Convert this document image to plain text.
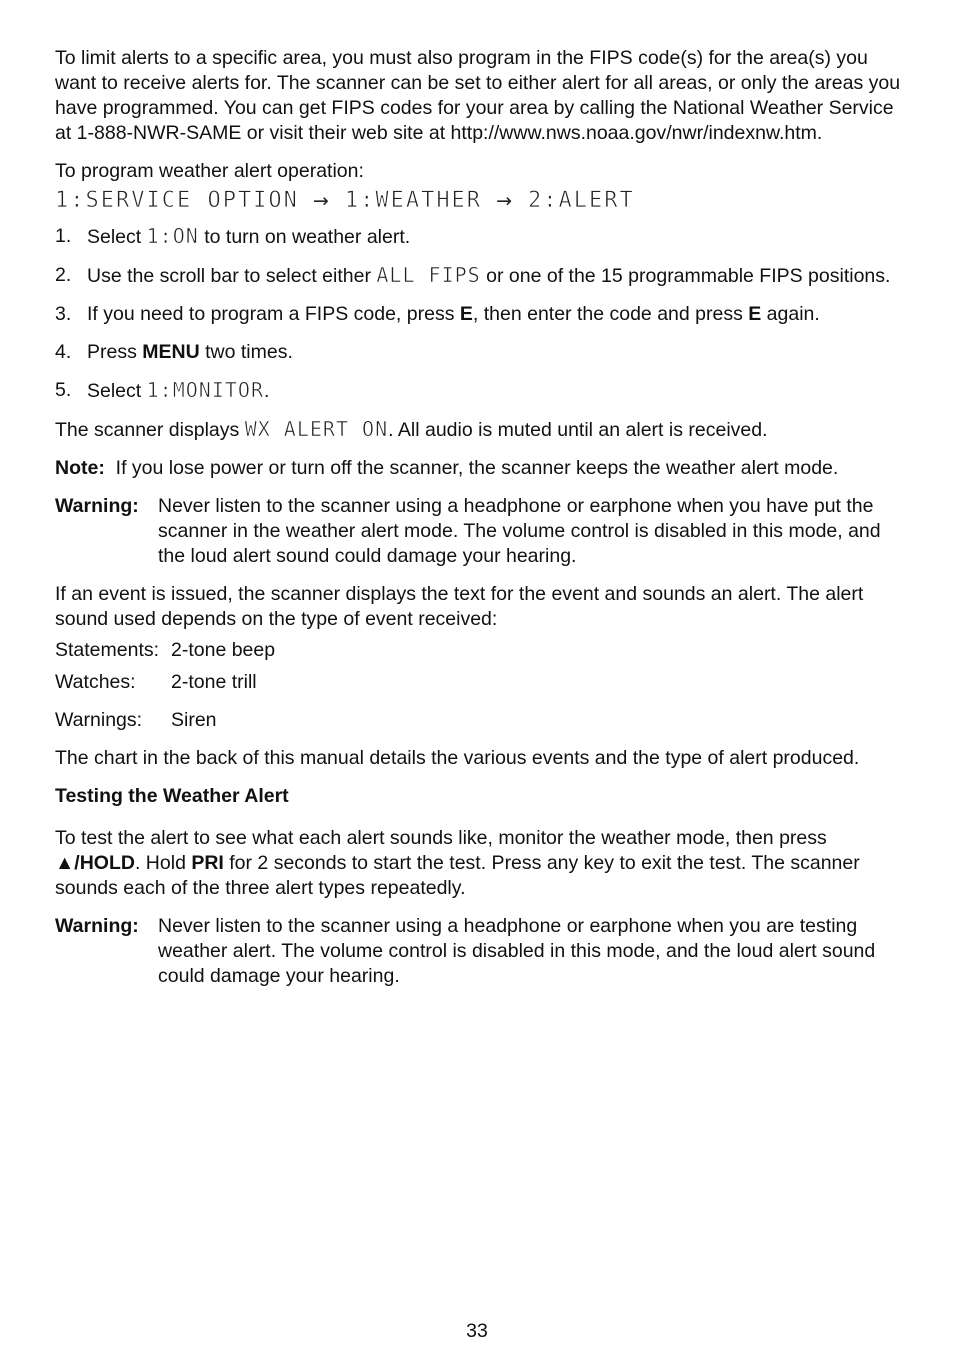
To limit alerts to a specific area, you must also program in the FIPS code(s) for the area(s) you want to receive alerts for. The scanner can be set to either alert for all areas, or only the areas you have programmed. You can get FIPS codes for your area by calling the National Weather Service at 1-888-NWR-SAME or visit their web site at http://www.nws.noaa.gov/nwr/indexnw.htm.

To program weather alert operation:

1:SERVICE OPTION → 1:WEATHER → 2:ALERT
1. Select 1:ON to turn on weather alert.
2. Use the scroll bar to select either ALL FIPS or one of the 15 programmable FIPS positions.
3. If you need to program a FIPS code, press E, then enter the code and press E again.
4. Press MENU two times.
5. Select 1:MONITOR.

The scanner displays WX ALERT ON. All audio is muted until an alert is received.

Note: If you lose power or turn off the scanner, the scanner keeps the weather alert mode.

Warning: Never listen to the scanner using a headphone or earphone when you have put the scanner in the weather alert mode. The volume control is disabled in this mode, and the loud alert sound could damage your hearing.

If an event is issued, the scanner displays the text for the event and sounds an alert. The alert sound used depends on the type of event received:

Statements: 2-tone beep
Watches:	2-tone trill
Warnings:	Siren

The chart in the back of this manual details the various events and the type of alert produced.

Testing the Weather Alert

To test the alert to see what each alert sounds like, monitor the weather mode, then press ▲/HOLD. Hold PRI for 2 seconds to start the test. Press any key to exit the test. The scanner sounds each of the three alert types repeatedly.

Warning: Never listen to the scanner using a headphone or earphone when you are testing weather alert. The volume control is disabled in this mode, and the loud alert sound could damage your hearing.
33
